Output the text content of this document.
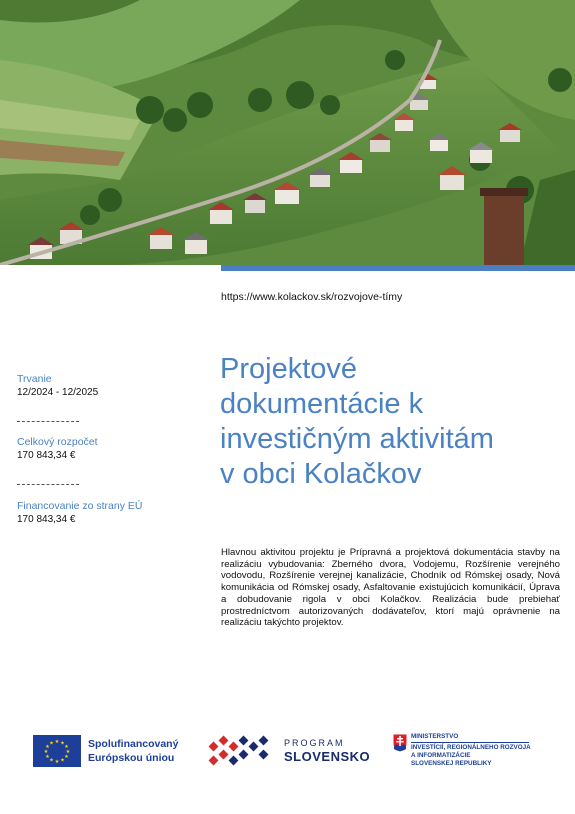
https://www.kolackov.sk/rozvojove-tímy
Projektové
dokumentácie k
investičným aktivitám
v obci Kolačkov
Trvanie
12/2024 - 12/2025
Celkový rozpočet
170 843,34 €
Financovanie zo strany EÚ
170 843,34 €

Hlavnou aktivitou projektu je Prípravná a projektová dokumentácia stavby na realizáciu vybudovania: Zberného dvora, Vodojemu, Rozšírenie verejného vodovodu, Rozšírenie verejnej kanalizácie, Chodník od Rómskej osady, Nová komunikácia od Rómskej osady, Asfaltovanie existujúcich komunikácií, Úprava a dobudovanie rigola v obci Kolačkov. Realizácia bude prebiehať prostredníctvom autorizovaných dodávateľov, ktorí majú oprávnenie na realizáciu takýchto projektov.

★ ★
★
★
★
★
★
★
★
★
★
★	Spolufinancovaný
Európskou úniou
PROGRAM
SLOVENSKO
MINISTERSTVO
INVESTÍCIÍ, REGIONÁLNEHO ROZVOJA
A INFORMATIZÁCIE
SLOVENSKEJ REPUBLIKY
